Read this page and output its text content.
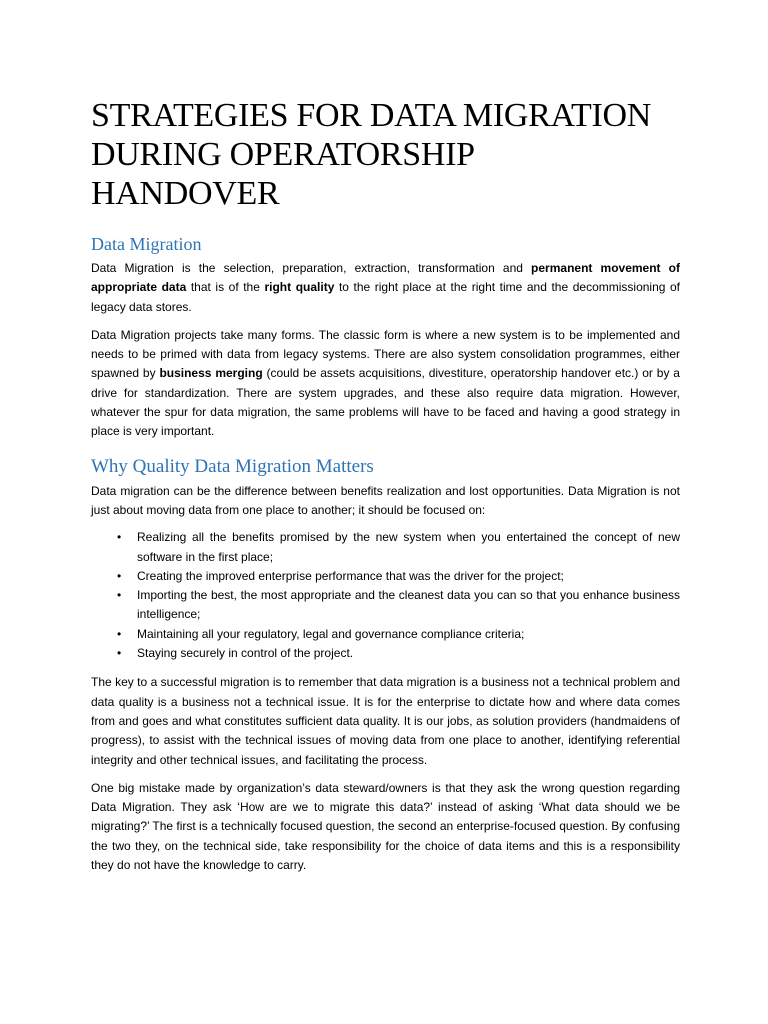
STRATEGIES FOR DATA MIGRATION
DURING OPERATORSHIP
HANDOVER
Data Migration

Data Migration is the selection, preparation, extraction, transformation and permanent movement of appropriate data that is of the right quality to the right place at the right time and the decommissioning of legacy data stores.

Data Migration projects take many forms. The classic form is where a new system is to be implemented and needs to be primed with data from legacy systems. There are also system consolidation programmes, either spawned by business merging (could be assets acquisitions, divestiture, operatorship handover etc.) or by a drive for standardization. There are system upgrades, and these also require data migration. However, whatever the spur for data migration, the same problems will have to be faced and having a good strategy in place is very important.

Why Quality Data Migration Matters

Data migration can be the difference between benefits realization and lost opportunities. Data Migration is not just about moving data from one place to another; it should be focused on:

• Realizing all the benefits promised by the new system when you entertained the concept of new software in the first place;
• Creating the improved enterprise performance that was the driver for the project;
• Importing the best, the most appropriate and the cleanest data you can so that you enhance business intelligence;
• Maintaining all your regulatory, legal and governance compliance criteria;
• Staying securely in control of the project.

The key to a successful migration is to remember that data migration is a business not a technical problem and data quality is a business not a technical issue. It is for the enterprise to dictate how and where data comes from and goes and what constitutes sufficient data quality. It is our jobs, as solution providers (handmaidens of progress), to assist with the technical issues of moving data from one place to another, identifying referential integrity and other technical issues, and facilitating the process.

One big mistake made by organization’s data steward/owners is that they ask the wrong question regarding Data Migration. They ask ‘How are we to migrate this data?’ instead of asking ‘What data should we be migrating?’ The first is a technically focused question, the second an enterprise-focused question. By confusing the two they, on the technical side, take responsibility for the choice of data items and this is a responsibility they do not have the knowledge to carry.
